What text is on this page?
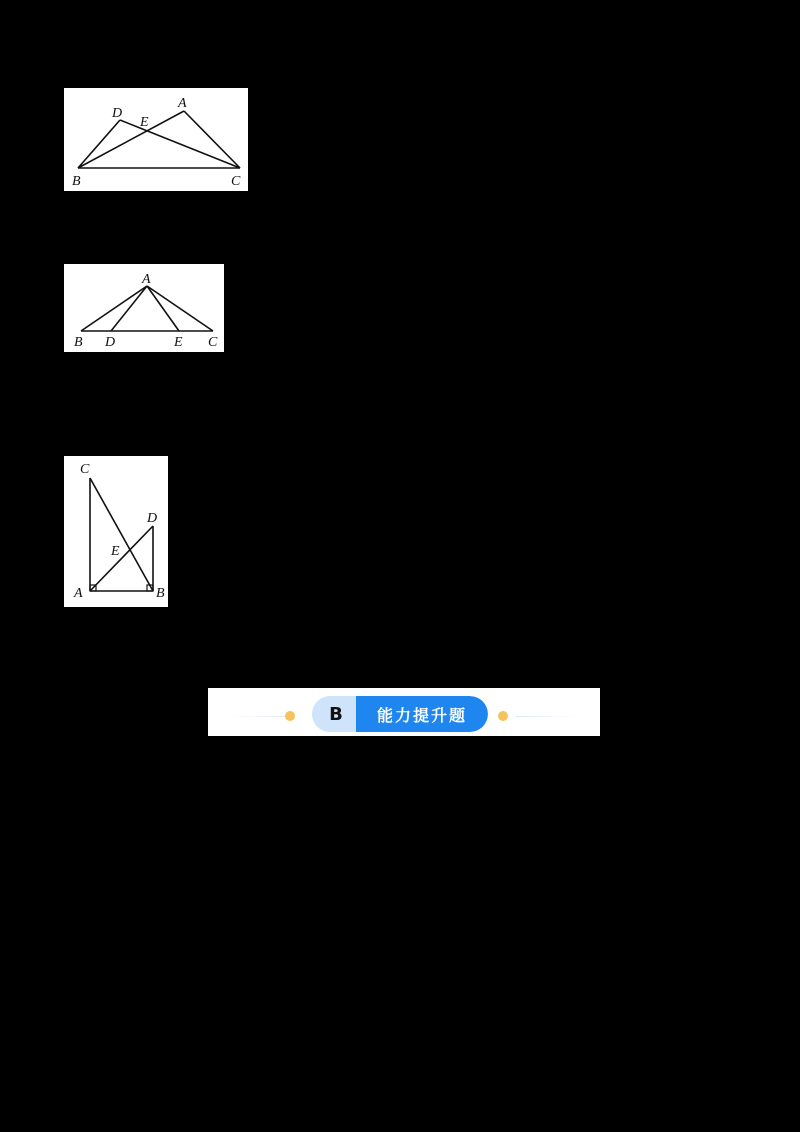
D
E
A
B	C
A
B D	E C
C
D
E
A	B
B	能力提升题
